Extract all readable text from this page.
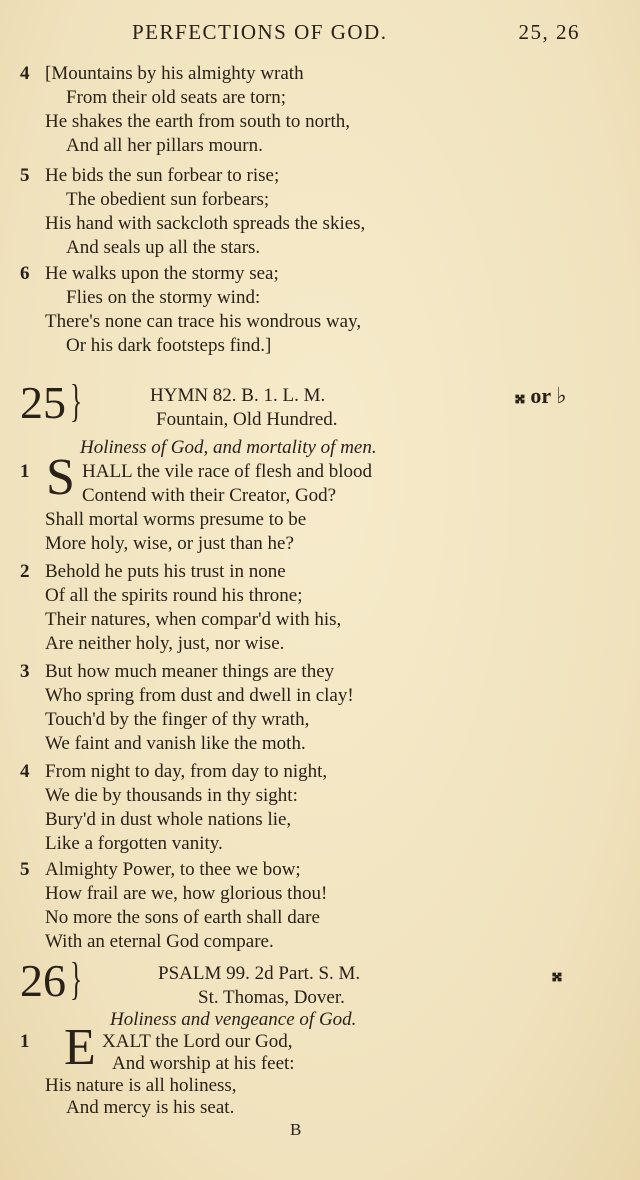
PERFECTIONS OF GOD.	25, 26
4 [Mountains by his almighty wrath
From their old seats are torn;
He shakes the earth from south to north,
And all her pillars mourn.
5 He bids the sun forbear to rise;
The obedient sun forbears;
His hand with sackcloth spreads the skies,
And seals up all the stars.
6 He walks upon the stormy sea;
Flies on the stormy wind:
There's none can trace his wondrous way,
Or his dark footsteps find.]
25 }	HYMN 82. B. 1. L. M.	𝄪 or ♭
Fountain, Old Hundred.
Holiness of God, and mortality of men.
1 S HALL the vile race of flesh and blood
Contend with their Creator, God?
Shall mortal worms presume to be
More holy, wise, or just than he?
2 Behold he puts his trust in none
Of all the spirits round his throne;
Their natures, when compar'd with his,
Are neither holy, just, nor wise.
3 But how much meaner things are they
Who spring from dust and dwell in clay!
Touch'd by the finger of thy wrath,
We faint and vanish like the moth.
4 From night to day, from day to night,
We die by thousands in thy sight:
Bury'd in dust whole nations lie,
Like a forgotten vanity.
5 Almighty Power, to thee we bow;
How frail are we, how glorious thou!
No more the sons of earth shall dare
With an eternal God compare.
26 }	PSALM 99. 2d Part. S. M.	𝄪
St. Thomas, Dover.
Holiness and vengeance of God.
1 E XALT the Lord our God,
And worship at his feet:
His nature is all holiness,
And mercy is his seat.
B
